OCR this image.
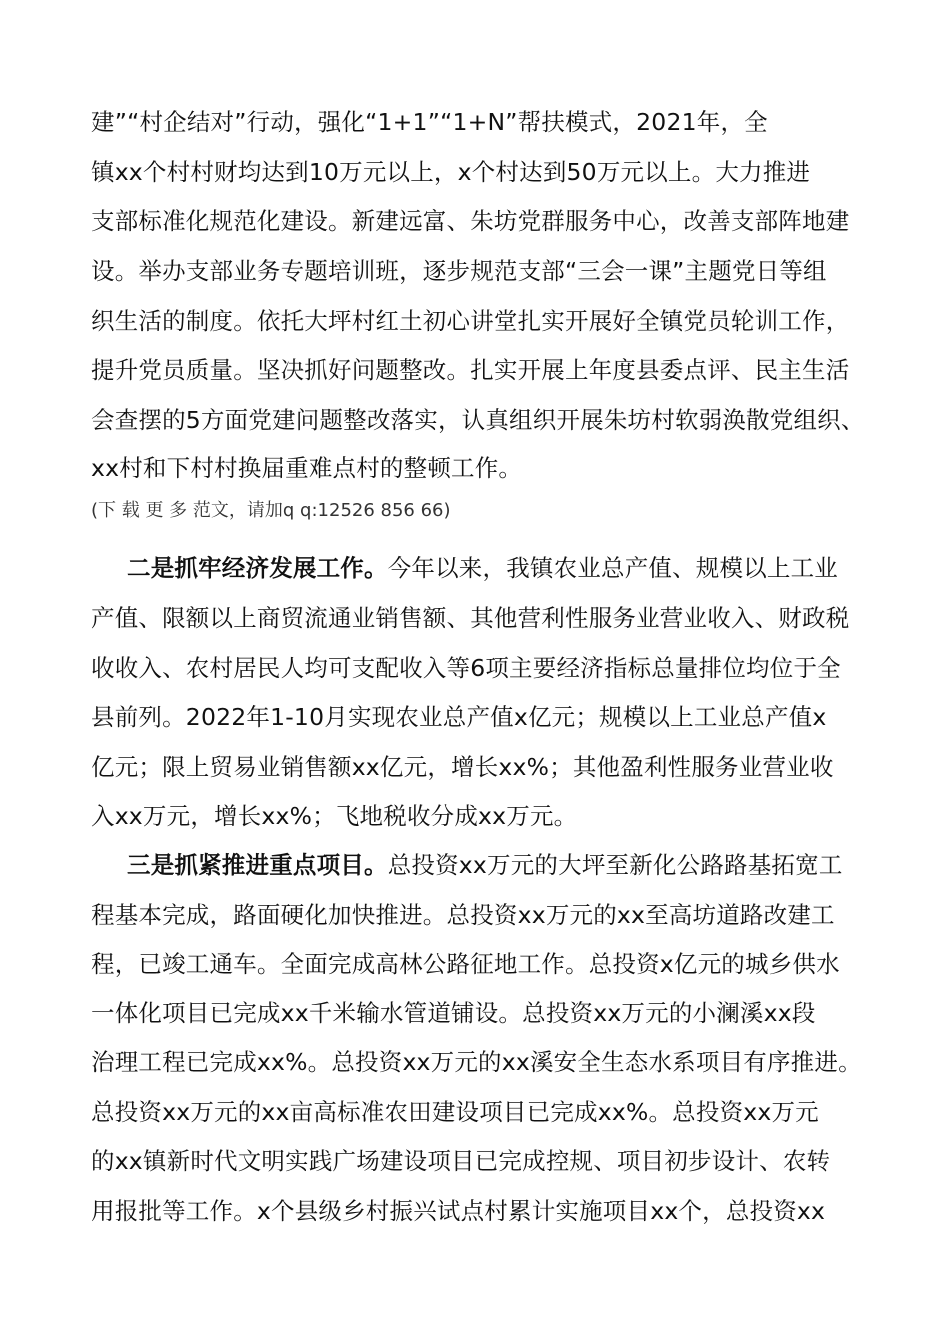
建”“村企结对”行动，强化“1+1”“1+N”帮扶模式，2021年，全
镇xx个村村财均达到10万元以上，x个村达到50万元以上。大力推进
支部标准化规范化建设。新建远富、朱坊党群服务中心，改善支部阵地建
设。举办支部业务专题培训班，逐步规范支部“三会一课”主题党日等组
织生活的制度。依托大坪村红土初心讲堂扎实开展好全镇党员轮训工作，
提升党员质量。坚决抓好问题整改。扎实开展上年度县委点评、民主生活
会查摆的5方面党建问题整改落实，认真组织开展朱坊村软弱涣散党组织、
xx村和下村村换届重难点村的整顿工作。
(下 载 更 多 范文，请加q q:12526 856 66)
二是抓牢经济发展工作。今年以来，我镇农业总产值、规模以上工业
产值、限额以上商贸流通业销售额、其他营利性服务业营业收入、财政税
收收入、农村居民人均可支配收入等6项主要经济指标总量排位均位于全
县前列。2022年1-10月实现农业总产值x亿元；规模以上工业总产值x
亿元；限上贸易业销售额xx亿元，增长xx%；其他盈利性服务业营业收
入xx万元，增长xx%；飞地税收分成xx万元。
三是抓紧推进重点项目。总投资xx万元的大坪至新化公路路基拓宽工
程基本完成，路面硬化加快推进。总投资xx万元的xx至高坊道路改建工
程，已竣工通车。全面完成高林公路征地工作。总投资x亿元的城乡供水
一体化项目已完成xx千米输水管道铺设。总投资xx万元的小澜溪xx段
治理工程已完成xx%。总投资xx万元的xx溪安全生态水系项目有序推进。
总投资xx万元的xx亩高标准农田建设项目已完成xx%。总投资xx万元
的xx镇新时代文明实践广场建设项目已完成控规、项目初步设计、农转
用报批等工作。x个县级乡村振兴试点村累计实施项目xx个，总投资xx
